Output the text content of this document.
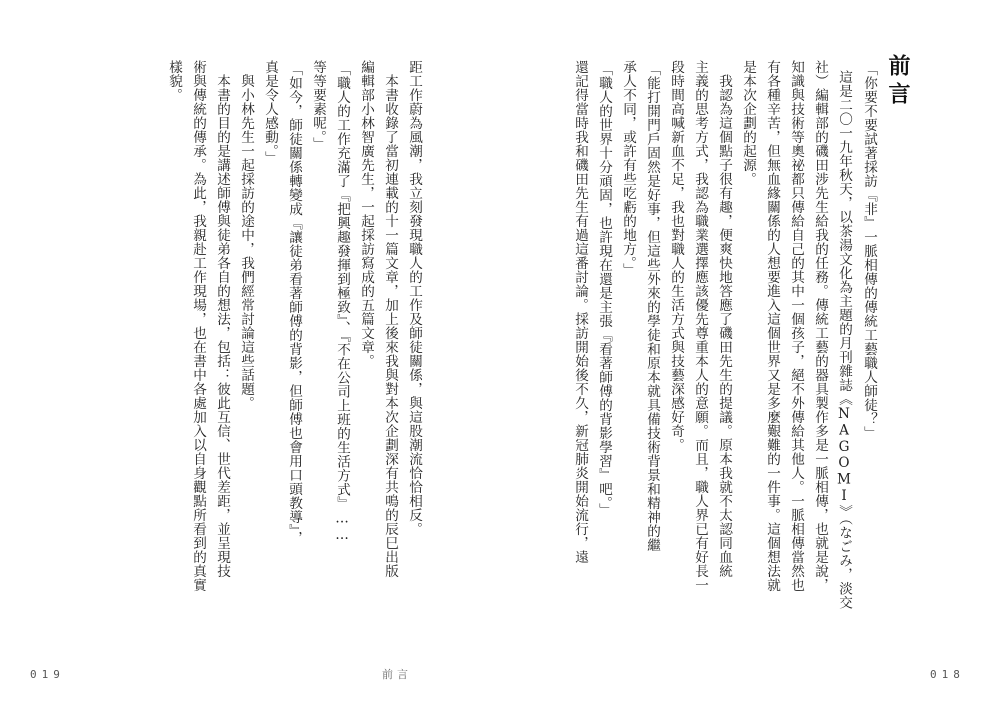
前言
「你要不要試著採訪『非』一脈相傳的傳統工藝職人師徒？」
這是二〇一九年秋天，以茶湯文化為主題的月刊雜誌《NAGOMI》（なごみ，淡交
社）編輯部的磯田涉先生給我的任務。傳統工藝的器具製作多是一脈相傳，也就是說，
知識與技術等奧祕都只傳給自己的其中一個孩子，絕不外傳給其他人。一脈相傳當然也
有各種辛苦，但無血緣關係的人想要進入這個世界又是多麼艱難的一件事。這個想法就
是本次企劃的起源。
我認為這個點子很有趣，便爽快地答應了磯田先生的提議。原本我就不太認同血統
主義的思考方式，我認為職業選擇應該優先尊重本人的意願。而且，職人界已有好長一
段時間高喊新血不足，我也對職人的生活方式與技藝深感好奇。
「能打開門戶固然是好事，但這些外來的學徒和原本就具備技術背景和精神的繼
承人不同，或許有些吃虧的地方。」
「職人的世界十分頑固，也許現在還是主張『看著師傅的背影學習』吧。」
還記得當時我和磯田先生有過這番討論。採訪開始後不久，新冠肺炎開始流行，遠
018
距工作蔚為風潮，我立刻發現職人的工作及師徒關係，與這股潮流恰恰相反。
本書收錄了當初連載的十一篇文章，加上後來我與對本次企劃深有共鳴的辰巳出版
編輯部小林智廣先生，一起採訪寫成的五篇文章。
「職人的工作充滿了『把興趣發揮到極致』、『不在公司上班的生活方式』……
等等要素呢。」
「如今，師徒關係轉變成『讓徒弟看著師傅的背影，但師傅也會用口頭教導』，
真是令人感動。」
與小林先生一起採訪的途中，我們經常討論這些話題。
本書的目的是講述師傅與徒弟各自的想法，包括：彼此互信、世代差距，並呈現技
術與傳統的傳承。為此，我親赴工作現場，也在書中各處加入以自身觀點所看到的真實
樣貌。
019	前言
